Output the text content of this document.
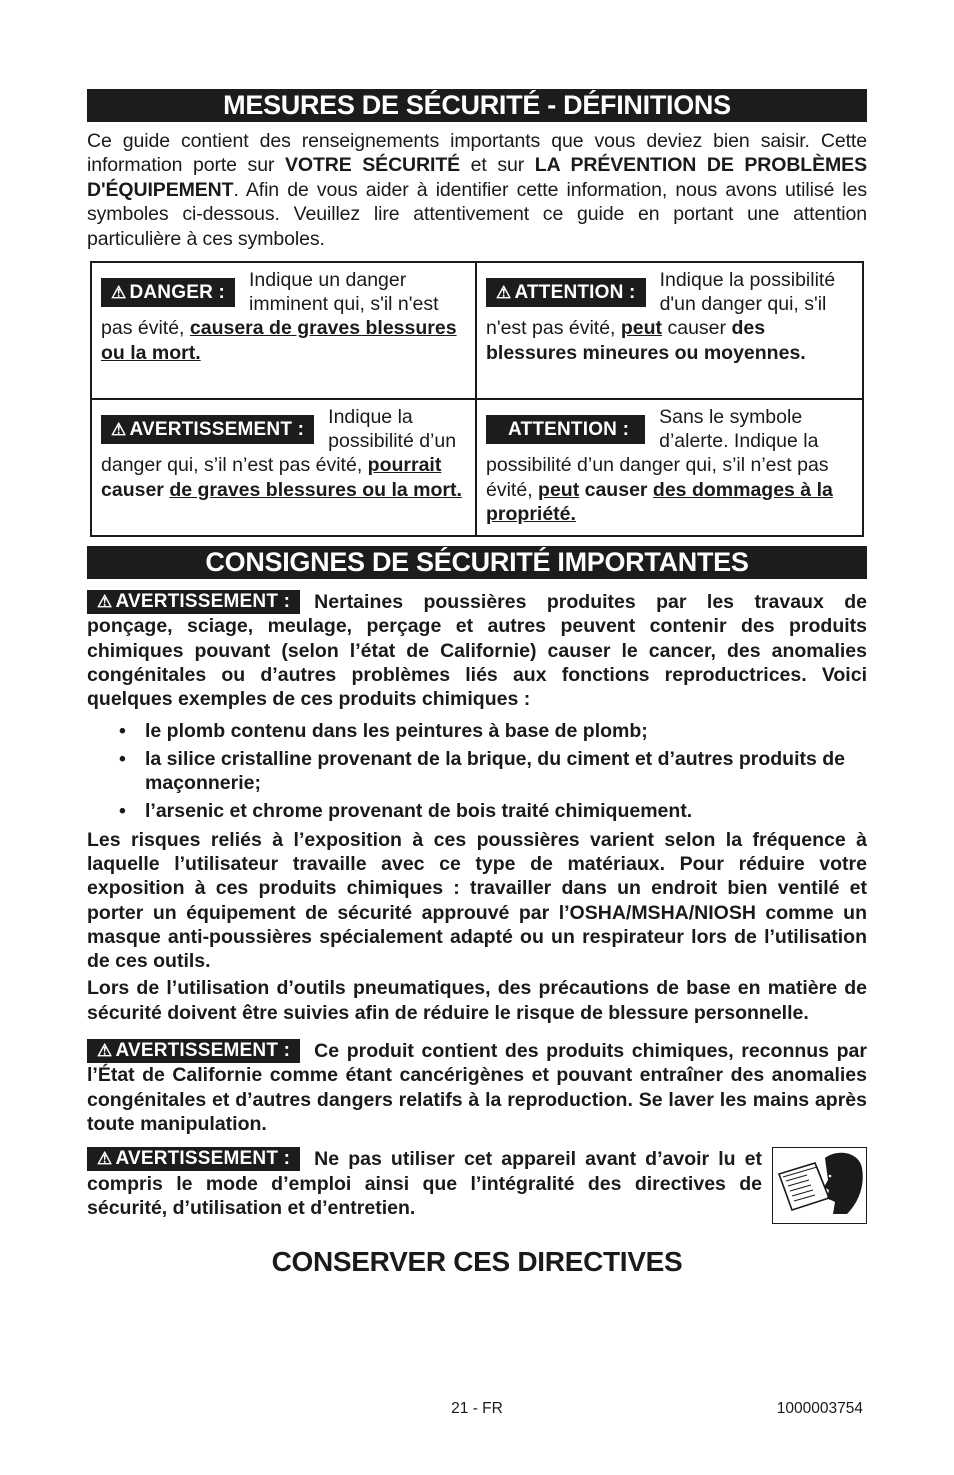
MESURES DE SÉCURITÉ - DÉFINITIONS
Ce guide contient des renseignements importants que vous deviez bien saisir. Cette information porte sur VOTRE SÉCURITÉ et sur LA PRÉVENTION DE PROBLÈMES D'ÉQUIPEMENT. Afin de vous aider à identifier cette information, nous avons utilisé les symboles ci-dessous. Veuillez lire attentivement ce guide en portant une attention particulière à ces symboles.
⚠ DANGER :
Indique un danger imminent qui, s'il n'est pas évité, causera de graves blessures ou la mort.
⚠ ATTENTION :
Indique la possibilité d'un danger qui, s'il n'est pas évité, peut causer des blessures mineures ou moyennes.
⚠ AVERTISSEMENT :
Indique la possibilité d’un danger qui, s’il n’est pas évité, pourrait causer de graves blessures ou la mort.
ATTENTION :
Sans le symbole d’alerte. Indique la possibilité d’un danger qui, s’il n’est pas évité, peut causer des dommages à la propriété.
CONSIGNES DE SÉCURITÉ IMPORTANTES
⚠ AVERTISSEMENT :	Nertaines poussières produites par les travaux de ponçage, sciage, meulage, perçage et autres peuvent contenir des produits chimiques pouvant (selon l’état de Californie) causer le cancer, des anomalies congénitales ou d’autres problèmes liés aux fonctions reproductrices. Voici quelques exemples de ces produits chimiques :
• le plomb contenu dans les peintures à base de plomb;
• la silice cristalline provenant de la brique, du ciment et d’autres produits de maçonnerie;
• l’arsenic et chrome provenant de bois traité chimiquement.
Les risques reliés à l’exposition à ces poussières varient selon la fréquence à laquelle l’utilisateur travaille avec ce type de matériaux. Pour réduire votre exposition à ces produits chimiques : travailler dans un endroit bien ventilé et porter un équipement de sécurité approuvé par l’OSHA/MSHA/NIOSH comme un masque anti-poussières spécialement adapté ou un respirateur lors de l’utilisation de ces outils.
Lors de l’utilisation d’outils pneumatiques, des précautions de base en matière de sécurité doivent être suivies afin de réduire le risque de blessure personnelle.
⚠ AVERTISSEMENT :	Ce produit contient des produits chimiques, reconnus par l’État de Californie comme étant cancérigènes et pouvant entraîner des anomalies congénitales et d’autres dangers relatifs à la reproduction. Se laver les mains après toute manipulation.
⚠ AVERTISSEMENT :	Ne pas utiliser cet appareil avant d’avoir lu et compris le mode d’emploi ainsi que l’intégralité des directives de sécurité, d’utilisation et d’entretien.
CONSERVER CES DIRECTIVES
21 - FR	1000003754
